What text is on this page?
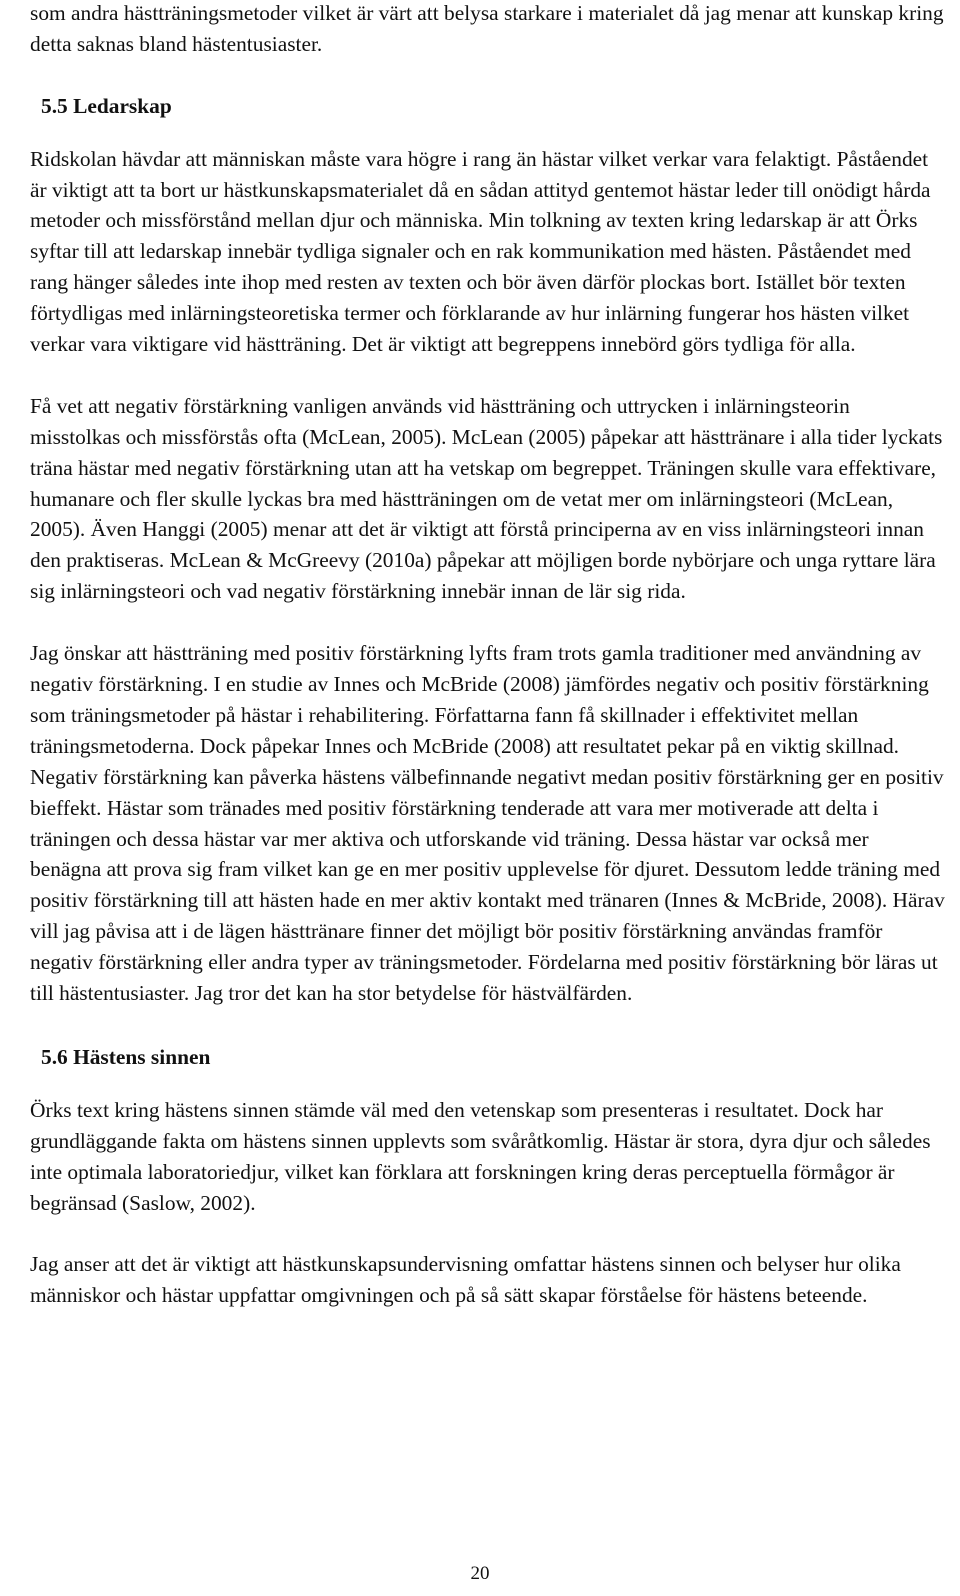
som andra hästträningsmetoder vilket är värt att belysa starkare i materialet då jag menar att kunskap kring detta saknas bland hästentusiaster.

5.5 Ledarskap

Ridskolan hävdar att människan måste vara högre i rang än hästar vilket verkar vara felaktigt. Påståendet är viktigt att ta bort ur hästkunskapsmaterialet då en sådan attityd gentemot hästar leder till onödigt hårda metoder och missförstånd mellan djur och människa. Min tolkning av texten kring ledarskap är att Örks syftar till att ledarskap innebär tydliga signaler och en rak kommunikation med hästen. Påståendet med rang hänger således inte ihop med resten av texten och bör även därför plockas bort. Istället bör texten förtydligas med inlärningsteoretiska termer och förklarande av hur inlärning fungerar hos hästen vilket verkar vara viktigare vid hästträning. Det är viktigt att begreppens innebörd görs tydliga för alla.

Få vet att negativ förstärkning vanligen används vid hästträning och uttrycken i inlärningsteorin misstolkas och missförstås ofta (McLean, 2005). McLean (2005) påpekar att hästtränare i alla tider lyckats träna hästar med negativ förstärkning utan att ha vetskap om begreppet. Träningen skulle vara effektivare, humanare och fler skulle lyckas bra med hästträningen om de vetat mer om inlärningsteori (McLean, 2005). Även Hanggi (2005) menar att det är viktigt att förstå principerna av en viss inlärningsteori innan den praktiseras. McLean & McGreevy (2010a) påpekar att möjligen borde nybörjare och unga ryttare lära sig inlärningsteori och vad negativ förstärkning innebär innan de lär sig rida.

Jag önskar att hästträning med positiv förstärkning lyfts fram trots gamla traditioner med användning av negativ förstärkning. I en studie av Innes och McBride (2008) jämfördes negativ och positiv förstärkning som träningsmetoder på hästar i rehabilitering. Författarna fann få skillnader i effektivitet mellan träningsmetoderna. Dock påpekar Innes och McBride (2008) att resultatet pekar på en viktig skillnad. Negativ förstärkning kan påverka hästens välbefinnande negativt medan positiv förstärkning ger en positiv bieffekt. Hästar som tränades med positiv förstärkning tenderade att vara mer motiverade att delta i träningen och dessa hästar var mer aktiva och utforskande vid träning. Dessa hästar var också mer benägna att prova sig fram vilket kan ge en mer positiv upplevelse för djuret. Dessutom ledde träning med positiv förstärkning till att hästen hade en mer aktiv kontakt med tränaren (Innes & McBride, 2008). Härav vill jag påvisa att i de lägen hästtränare finner det möjligt bör positiv förstärkning användas framför negativ förstärkning eller andra typer av träningsmetoder. Fördelarna med positiv förstärkning bör läras ut till hästentusiaster. Jag tror det kan ha stor betydelse för hästvälfärden.

5.6 Hästens sinnen

Örks text kring hästens sinnen stämde väl med den vetenskap som presenteras i resultatet. Dock har grundläggande fakta om hästens sinnen upplevts som svåråtkomlig. Hästar är stora, dyra djur och således inte optimala laboratoriedjur, vilket kan förklara att forskningen kring deras perceptuella förmågor är begränsad (Saslow, 2002).

Jag anser att det är viktigt att hästkunskapsundervisning omfattar hästens sinnen och belyser hur olika människor och hästar uppfattar omgivningen och på så sätt skapar förståelse för hästens beteende.

20
